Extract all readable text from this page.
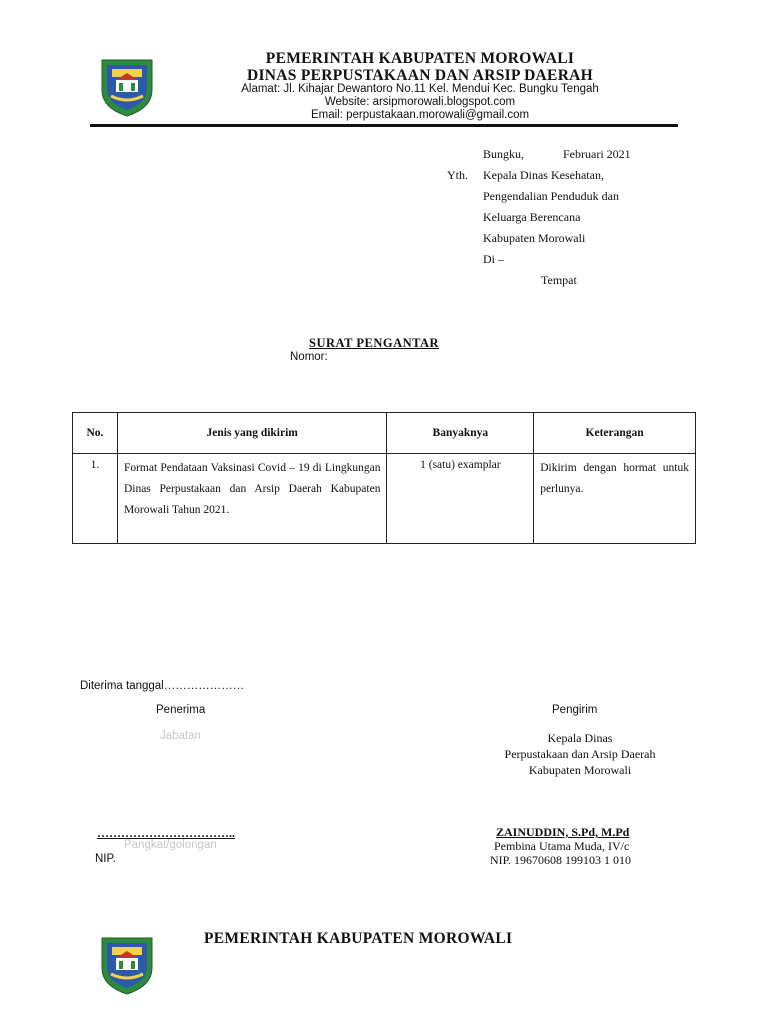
PEMERINTAH KABUPATEN MOROWALI
DINAS PERPUSTAKAAN DAN ARSIP DAERAH
Alamat: Jl. Kihajar Dewantoro No.11 Kel. Mendui Kec. Bungku Tengah
Website: arsipmorowali.blogspot.com
Email: perpustakaan.morowali@gmail.com
Bungku,	Februari 2021
Yth. Kepala Dinas Kesehatan,
Pengendalian Penduduk dan
Keluarga Berencana
Kabupaten Morowali
Di –
Tempat
SURAT PENGANTAR
Nomor:
No.	Jenis yang dikirim	Banyaknya	Keterangan
1.	Format Pendataan Vaksinasi Covid – 19 di Lingkungan Dinas Perpustakaan dan Arsip Daerah Kabupaten Morowali Tahun 2021.	1 (satu) examplar	Dikirim dengan hormat untuk perlunya.
Diterima tanggal…………………
Penerima
Jabatan
……………………………..
Pangkat/golongan
NIP.
Pengirim
Kepala Dinas
Perpustakaan dan Arsip Daerah
Kabupaten Morowali
ZAINUDDIN, S.Pd, M.Pd
Pembina Utama Muda, IV/c
NIP. 19670608 199103 1 010
PEMERINTAH KABUPATEN MOROWALI
